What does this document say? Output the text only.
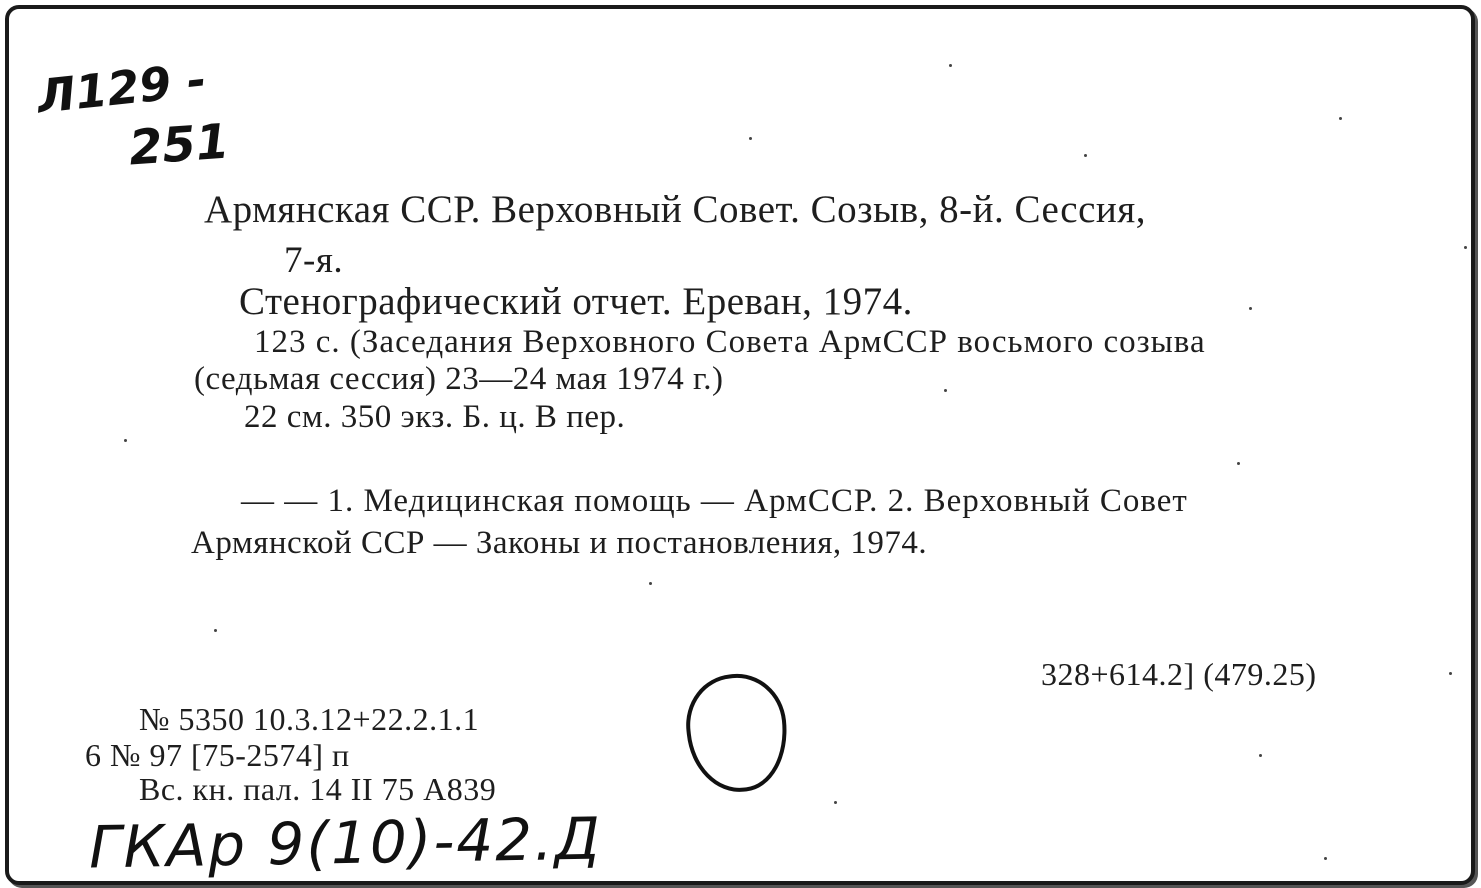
Л129 -
251
Армянская ССР. Верховный Совет. Созыв, 8-й. Сессия,
7-я.
Стенографический отчет. Ереван, 1974.
123 с. (Заседания Верховного Совета АрмССР восьмого созыва
(седьмая сессия) 23—24 мая 1974 г.)
22 см. 350 экз. Б. ц. В пер.
— — 1. Медицинская помощь — АрмССР. 2. Верховный Совет
Армянской ССР — Законы и постановления, 1974.
328+614.2] (479.25)
№ 5350 10.3.12+22.2.1.1
6 № 97 [75-2574] п
Вс. кн. пал. 14 II 75 А839
ГКАр 9(10)-42.Д
